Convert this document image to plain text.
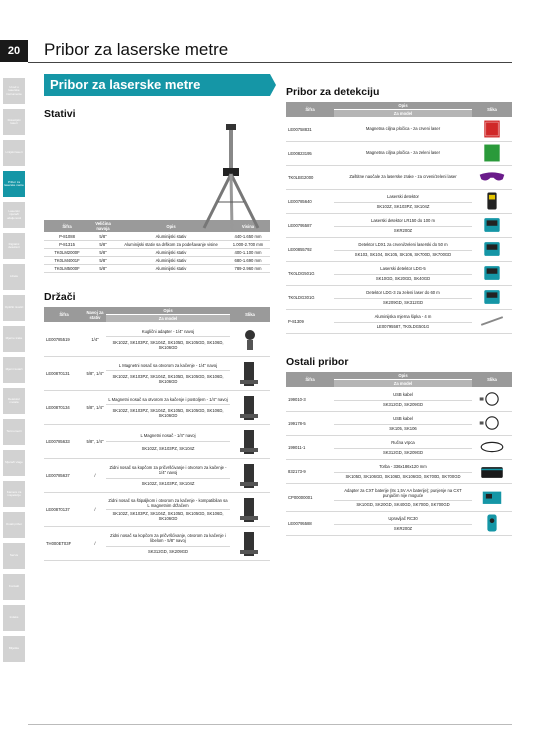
20
Uvod u laserske instrumente
Rotacijski laseri
Linijski laseri
Pribor za laserske metre
Laserski mjerači udaljenosti
Digitalni detektori
Libele
Optički niveliri
Mjerne trake
Mjerni kotači
Detektori metala
Termometri
Mjerači vlage
Kamere za inspekciju
Ostali pribor
Servis
Kontakt
Indeks
Bilješke
Pribor za laserske metre
Pribor za laserske metre
Stativi
Šifra	Veličina navoja	Opis	Visina
P-81088	5/8"	Aluminijski stativ	440-1.650 mm
P-81315	5/8"	Aluminijski stativ sa drškom za podešavanje visine	1.000-2.700 mm
TK0LM2000F	5/8"	Aluminijski stativ	400-1.100 mm
TK0LM4001F	5/8"	Aluminijski stativ	680-1.690 mm
TK0LM5000F	5/8"	Aluminijski stativ	789-2.960 mm
Držači
Šifra	Navoj za stativ	Opis	Slika
		Za model	
LE00785519	1/4"	Kuglični adapter - 1/4" navoj	
		SK102Z, SK103PZ, SK104Z, SK105D, SK105GD, SK106D, SK106GD	
LE00870131	5/8", 1/4"	L Magnetni nosač sa otvorom za kačenje - 1/4" navoj	
		SK102Z, SK103PZ, SK104Z, SK105D, SK105GD, SK106D, SK106GD	
LE00870134	5/8", 1/4"	L Magnetni nosač sa otvorom za kačenje i postoljem - 1/4" navoj	
		SK102Z, SK103PZ, SK104Z, SK105D, SK105GD, SK106D, SK106GD	
LE00785633	5/8", 1/4"	L Magnetni nosač - 1/4" navoj	
		SK102Z, SK103PZ, SK104Z	
LE00785637	/	Zidni nosač sa kopčom za pričvršćivanje i otvorom za kačenje - 1/4" navoj	
		SK102Z, SK103PZ, SK104Z	
LE00870137	/	Zidni nosač sa štipaljkom i otvorom za kačenje - kompatibilan sa L magnetnim držačem	
		SK102Z, SK103PZ, SK104Z, SK105D, SK105GD, SK106D, SK106GD	
TH000ET03F	/	Zidni nosač sa kopčom za pričvršćivanje, otvorom za kačenje i libelom - 5/8" navoj	
		SK312GD, SK209GD	
Pribor za detekciju
Šifra	Opis	Slika
	Za model	
LE00758831	Magnetna ciljna pločica - za crveni laser	
LE00823195	Magnetna ciljna pločica - za zeleni laser	
TK0LBG2000	Zaštitne naočale za laserske zrake - za crveni/zeleni laser	
LE00785640	Laserski detektor	
	SK102Z, SK103PZ, SK104Z	
LE00795587	Laserski detektor LR150 do 100 m	
	SKR200Z	
LE00855792	Detektor LDX1 za crveni/zeleni laserski do 50 m	
	SK103, SK104, SK105, SK106, SK700D, SK700GD	
TK0LDG501G	Laserski detektor LDG-5	
	SK10GD, SK20GD, SK40GD	
TK0LDG301G	Detektor LDG-3 za zeleni laser do 60 m	
	SK209GD, SK312GD	
P-81309	Aluminijska mjerna šipka - 4 m	
	LE00795587, TK0LDG501G	
Ostali pribor
Šifra	Opis	Slika
	Za model	
199010-3	USB kabel	
	SK312GD, SK209GD	
199178-5	USB kabel	
	SK105, SK106	
199011-1	Ručna vrpca	
	SK312GD, SK209GD	
832173-9	Torba - 336x186x120 mm	
	SK105D, SK106GD, SK106D, SK106GD, SK700D, SK700GD	
CP00000001	Adapter za CXT baterije (8x 1,5V AA baterije); punjenje na CXT punjačim nije moguće	
	SK10GD, SK20GD, SK40GD, SK700D, SK700GD	
LE00795588	Upravljač RC30	
	SKR200Z	
